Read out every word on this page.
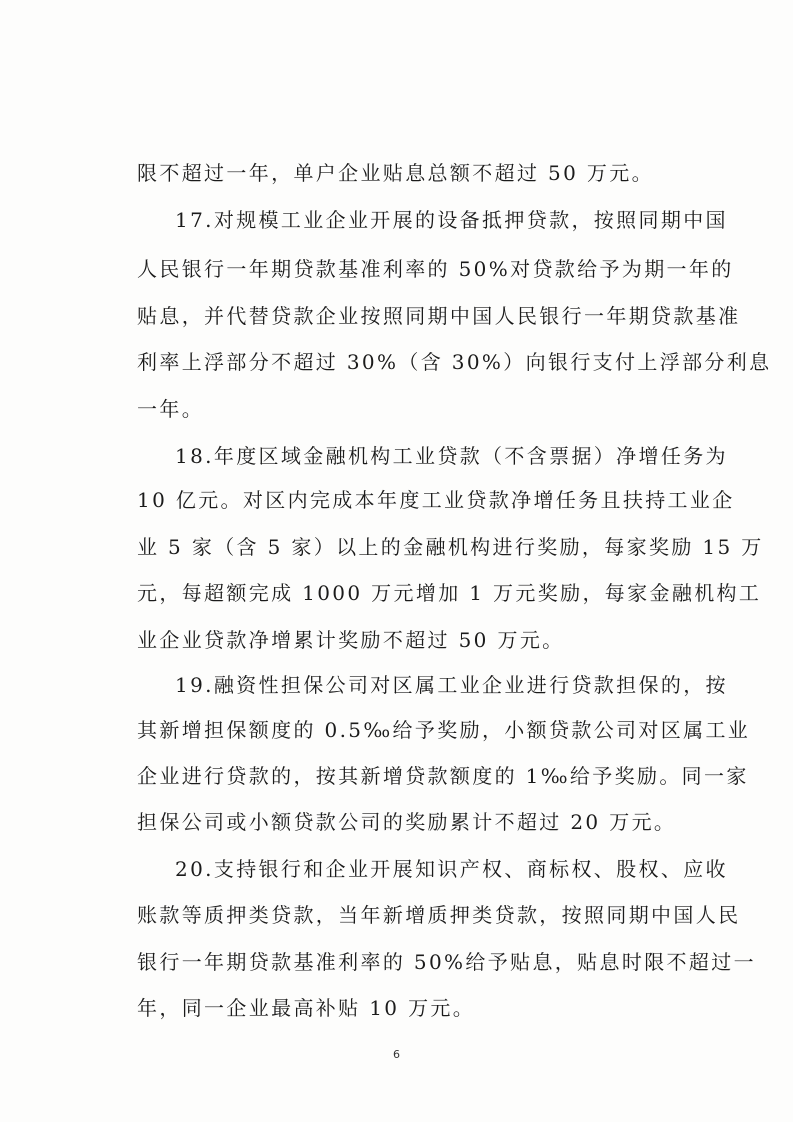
限不超过一年，单户企业贴息总额不超过 50 万元。
17.对规模工业企业开展的设备抵押贷款，按照同期中国
人民银行一年期贷款基准利率的 50%对贷款给予为期一年的
贴息，并代替贷款企业按照同期中国人民银行一年期贷款基准
利率上浮部分不超过 30%（含 30%）向银行支付上浮部分利息
一年。
18.年度区域金融机构工业贷款（不含票据）净增任务为
10 亿元。对区内完成本年度工业贷款净增任务且扶持工业企
业 5 家（含 5 家）以上的金融机构进行奖励，每家奖励 15 万
元，每超额完成 1000 万元增加 1 万元奖励，每家金融机构工
业企业贷款净增累计奖励不超过 50 万元。
19.融资性担保公司对区属工业企业进行贷款担保的，按
其新增担保额度的 0.5‰给予奖励，小额贷款公司对区属工业
企业进行贷款的，按其新增贷款额度的 1‰给予奖励。同一家
担保公司或小额贷款公司的奖励累计不超过 20 万元。
20.支持银行和企业开展知识产权、商标权、股权、应收
账款等质押类贷款，当年新增质押类贷款，按照同期中国人民
银行一年期贷款基准利率的 50%给予贴息，贴息时限不超过一
年，同一企业最高补贴 10 万元。
6
